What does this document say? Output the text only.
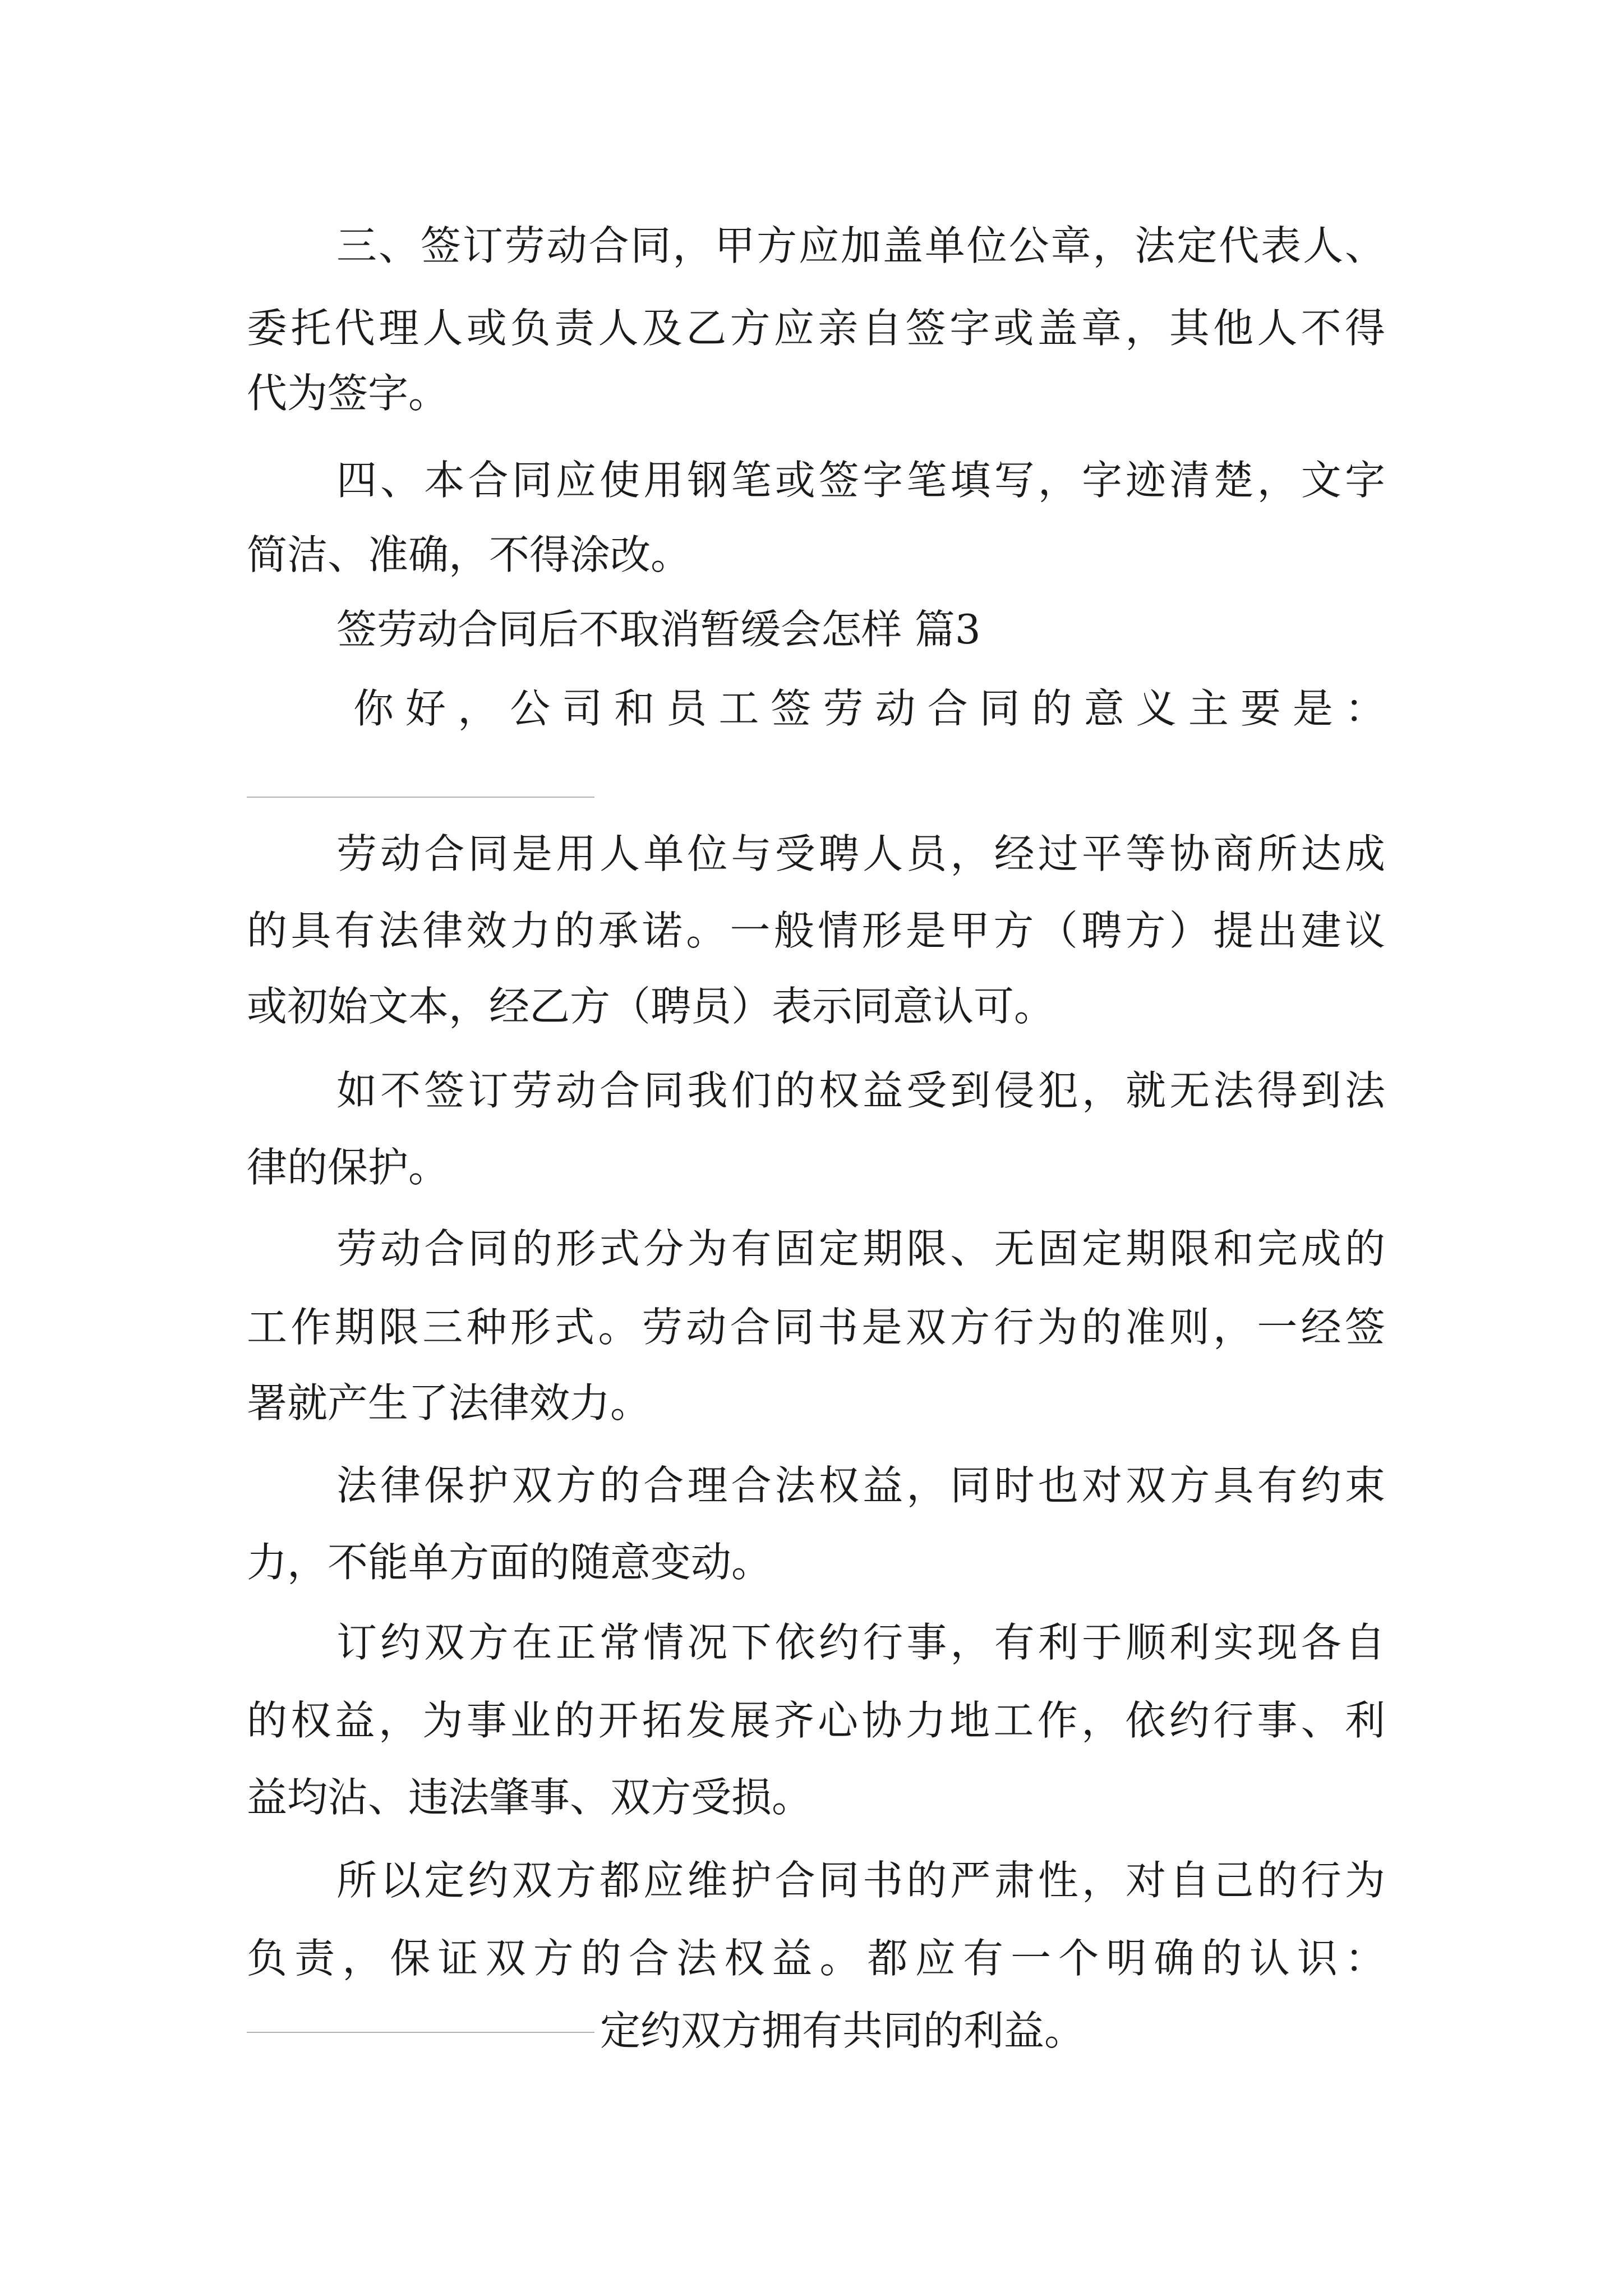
三、签订劳动合同，甲方应加盖单位公章，法定代表人、
委托代理人或负责人及乙方应亲自签字或盖章，其他人不得
代为签字。
四、本合同应使用钢笔或签字笔填写，字迹清楚，文字
简洁、准确，不得涂改。
签劳动合同后不取消暂缓会怎样 篇3
你好，公司和员工签劳动合同的意义主要是：
劳动合同是用人单位与受聘人员，经过平等协商所达成
的具有法律效力的承诺。一般情形是甲方（聘方）提出建议
或初始文本，经乙方（聘员）表示同意认可。
如不签订劳动合同我们的权益受到侵犯，就无法得到法
律的保护。
劳动合同的形式分为有固定期限、无固定期限和完成的
工作期限三种形式。劳动合同书是双方行为的准则，一经签
署就产生了法律效力。
法律保护双方的合理合法权益，同时也对双方具有约束
力，不能单方面的随意变动。
订约双方在正常情况下依约行事，有利于顺利实现各自
的权益，为事业的开拓发展齐心协力地工作，依约行事、利
益均沾、违法肇事、双方受损。
所以定约双方都应维护合同书的严肃性，对自己的行为
负责，保证双方的合法权益。都应有一个明确的认识：
定约双方拥有共同的利益。
